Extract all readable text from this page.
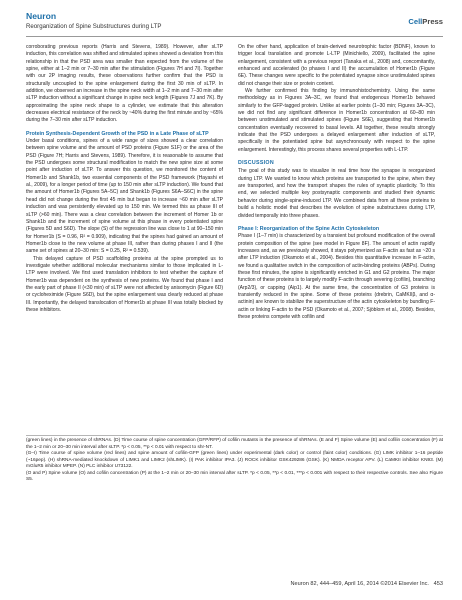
Neuron
Reorganization of Spine Substructures during LTP
CellPress

corroborating previous reports (Harris and Stevens, 1989). However, after sLTP induction, this correlation was shifted and stimulated spines showed a deviation from this relationship in that the PSD area was smaller than expected from the volume of the spine, either at 1–2 min or 7–30 min after the stimulation (Figures 7H and 7I). Together with our 2P imaging results, these observations further confirm that the PSD is structurally uncoupled to the spine enlargement during the first 30 min of sLTP. In addition, we observed an increase in the spine neck width at 1–2 min and 7–30 min after sLTP induction without a significant change in spine neck length (Figures 7J and 7K). By approximating the spine neck shape to a cylinder, we estimate that this alteration decreases electrical resistance of the neck by ~40% during the first minute and by ~65% during the 7–30 min after sLTP induction.

Protein Synthesis-Dependent Growth of the PSD in a Late Phase of sLTP

Under basal conditions, spines of a wide range of sizes showed a clear correlation between spine volume and the amount of PSD proteins (Figure S1F) or the area of the PSD (Figure 7H; Harris and Stevens, 1989). Therefore, it is reasonable to assume that the PSD undergoes some structural modification to match the new spine size at some point after induction of sLTP. To answer this question, we monitored the content of Homer1b and Shank1b, two essential components of the PSD framework (Hayashi et al., 2009), for a longer period of time (up to 150 min after sLTP induction). We found that the amount of Homer1b (Figures 5A–5C) and Shank1b (Figures S6A–S6C) in the spine head did not change during the first 45 min but began to increase ~60 min after sLTP induction and was persistently elevated up to 150 min. We termed this as phase III of sLTP (>60 min). There was a clear correlation between the increment of Homer 1b or Shank1b and the increment of spine volume at this phase in every potentiated spine (Figures 5D and S6D). The slope (S) of the regression line was close to 1 at 90–150 min for Homer1b (S = 0.96, R² = 0.909), indicating that the spines had gained an amount of Homer1b close to the new volume at phase III, rather than during phases I and II (the same set of spines at 20–30 min: S = 0.25, R² = 0.539).

This delayed capture of PSD scaffolding proteins at the spine prompted us to investigate whether additional molecular mechanisms similar to those implicated in L-LTP were involved. We first used translation inhibitors to test whether the capture of Homer1b was dependent on the synthesis of new proteins. We found that phase I and the early part of phase II (<30 min) of sLTP were not affected by anisomycin (Figure 6D) or cycloheximide (Figure S6D), but the spine enlargement was clearly reduced at phase III. Importantly, the delayed translocation of Homer1b at phase III was totally blocked by these inhibitors.

On the other hand, application of brain-derived neurotrophic factor (BDNF), known to trigger local translation and promote L-LTP (Minichiello, 2009), facilitated the spine enlargement, consistent with a previous report (Tanaka et al., 2008) and, concomitantly, enhanced and accelerated (to phases I and II) the accumulation of Homer1b (Figure 6E). These changes were specific to the potentiated synapse since unstimulated spines did not change their size or protein content.

We further confirmed this finding by immunohistochemistry. Using the same methodology as in Figures 3A–3C, we found that endogenous Homer1b behaved similarly to the GFP-tagged protein. Unlike at earlier points (1–30 min; Figures 3A–3C), we did not find any significant difference in Homer1b concentration at 60–80 min between unstimulated and stimulated spines (Figure S6E), suggesting that Homer1b concentration eventually recovered to basal levels. All together, these results strongly indicate that the PSD undergoes a delayed enlargement after induction of sLTP, specifically in the potentiated spine but asynchronously with respect to the spine enlargement. Interestingly, this process shares several properties with L-LTP.

DISCUSSION

The goal of this study was to visualize in real time how the synapse is reorganized during LTP. We wanted to know which proteins are transported to the spine, when they are transported, and how the transport shapes the rules of synaptic plasticity. To this end, we selected multiple key postsynaptic components and studied their dynamic behavior during single-spine-induced LTP. We combined data from all these proteins to build a holistic model that describes the evolution of spine substructures during LTP, divided temporally into three phases.

Phase I: Reorganization of the Spine Actin Cytoskeleton

Phase I (1–7 min) is characterized by a transient but profound modification of the overall protein composition of the spine (see model in Figure 8F). The amount of actin rapidly increases and, as we previously showed, it stays polymerized as F-actin as fast as ~20 s after LTP induction (Okamoto et al., 2004). Besides this quantitative increase in F-actin, we found a qualitative switch in the composition of actin-binding proteins (ABPs). During these first minutes, the spine is significantly enriched in G1 and G2 proteins. The major function of these proteins is to largely modify F-actin through severing (cofilin), branching (Arp2/3), or capping (Aip1). At the same time, the concentration of G3 proteins is transiently reduced in the spine. Some of these proteins (drebrin, CaMKIIβ, and α-actinin) are known to stabilize the superstructure of the actin cytoskeleton by bundling F-actin or linking F-actin to the PSD (Okamoto et al., 2007; Sjöblom et al., 2008). Besides, these proteins compete with cofilin and

(green lines) in the presence of shRNAs. (D) Time course of spine concentration (GFP/RFP) of cofilin mutants in the presence of shRNAs. (E and F) Spine volume (E) and cofilin concentration (F) at the 1–2 min or 20–30 min interval after sLTP. *p < 0.05, **p < 0.01 with respect to shr-NT.

(G–I) Time course of spine volume (red lines) and spine amount of cofilin-GFP (green lines) under experimental (dark color) or control (faint color) conditions. (G) LIMK inhibitor 1–16 peptide (~16pep). (H) shRNA-mediated knockdown of LIMK1 and LIMK2 (shLIMK). (I) PAK inhibitor IPA3. (J) ROCK inhibitor GSK429286 (GSK). (K) NMDA receptor APV. (L) CaMKII inhibitor KN93. (M) mGluR5 inhibitor MPEP. (N) PLC inhibitor U73122.

(O and P) Spine volume (O) and cofilin concentration (P) at the 1–2 min or 20–30 min interval after sLTP. *p < 0.05, **p < 0.01, ***p < 0.001 with respect to their respective controls. See also Figure S5.

Neuron 82, 444–459, April 16, 2014 ©2014 Elsevier Inc. 453
